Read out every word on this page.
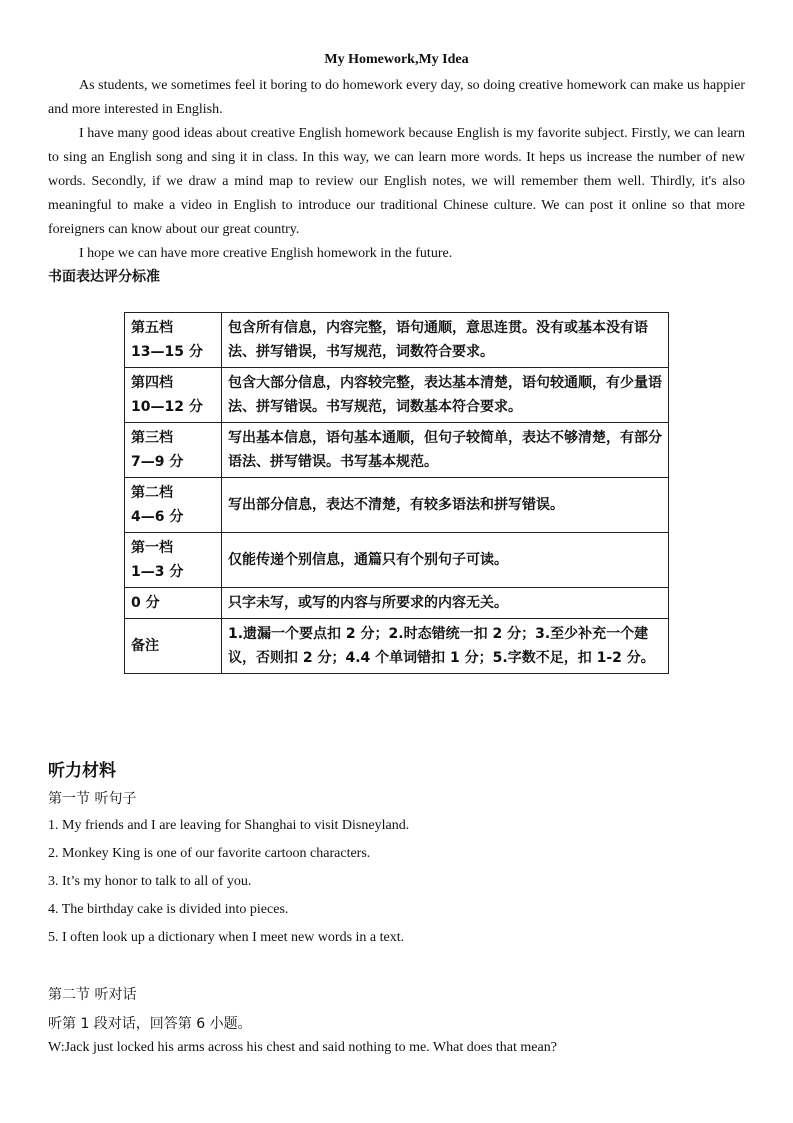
My Homework,My Idea

As students, we sometimes feel it boring to do homework every day, so doing creative homework can make us happier and more interested in English.

I have many good ideas about creative English homework because English is my favorite subject. Firstly, we can learn to sing an English song and sing it in class. In this way, we can learn more words. It heps us increase the number of new words. Secondly, if we draw a mind map to review our English notes, we will remember them well. Thirdly, it's also meaningful to make a video in English to introduce our traditional Chinese culture. We can post it online so that more foreigners can know about our great country.

I hope we can have more creative English homework in the future.

书面表达评分标准
第五档
13—15 分	包含所有信息，内容完整，语句通顺，意思连贯。没有或基本没有语法、拼写错误，书写规范，词数符合要求。

第四档
10—12 分	包含大部分信息，内容较完整，表达基本清楚，语句较通顺，有少量语法、拼写错误。书写规范，词数基本符合要求。

第三档
7—9 分	写出基本信息，语句基本通顺，但句子较简单，表达不够清楚，有部分语法、拼写错误。书写基本规范。

第二档
4—6 分	写出部分信息，表达不清楚，有较多语法和拼写错误。

第一档
1—3 分	仅能传递个别信息，通篇只有个别句子可读。

0 分	只字未写，或写的内容与所要求的内容无关。

备注	1.遗漏一个要点扣 2 分；2.时态错统一扣 2 分；3.至少补充一个建议，否则扣 2 分；4.4 个单词错扣 1 分；5.字数不足，扣 1-2 分。
听力材料
第一节 听句子
1. My friends and I are leaving for Shanghai to visit Disneyland.
2. Monkey King is one of our favorite cartoon characters.
3. It’s my honor to talk to all of you.
4. The birthday cake is divided into pieces.
5. I often look up a dictionary when I meet new words in a text.
第二节 听对话
听第 1 段对话，回答第 6 小题。
W:Jack just locked his arms across his chest and said nothing to me. What does that mean?
